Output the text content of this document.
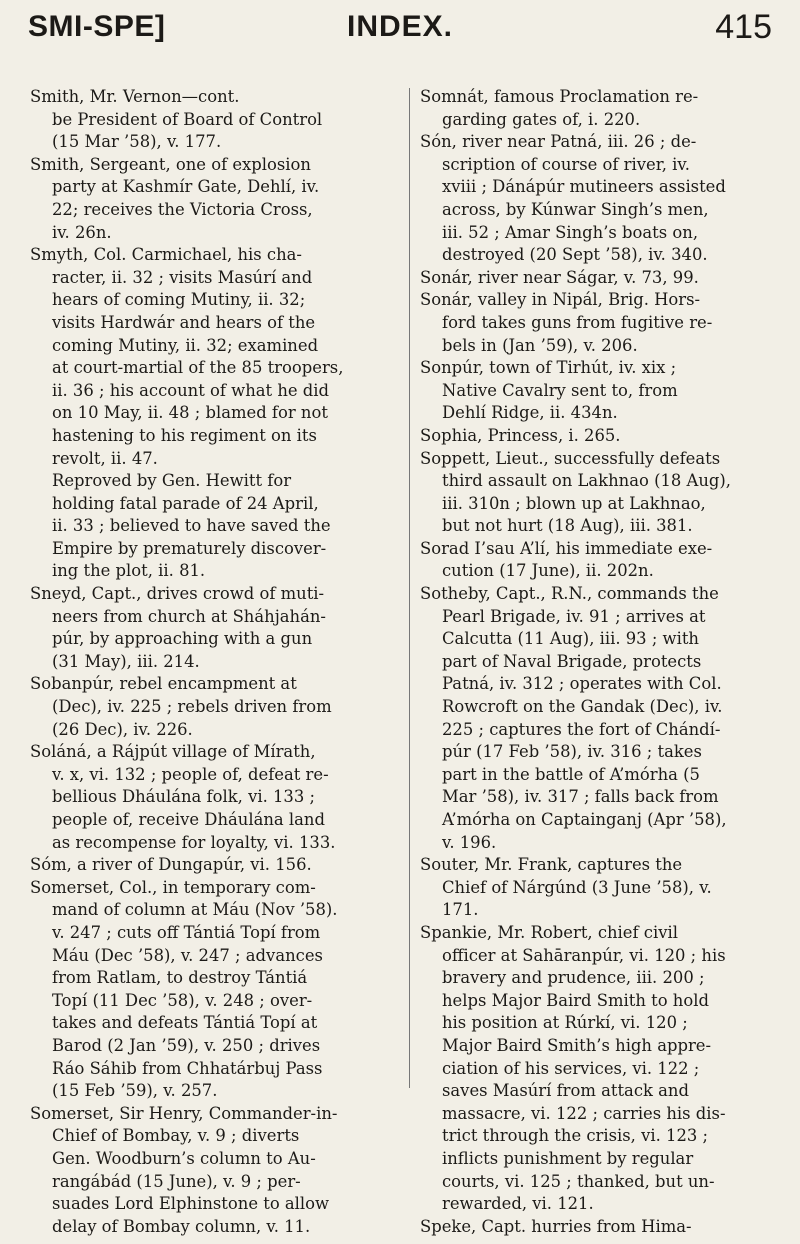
SMI-SPE]	INDEX.	415
Smith, Mr. Vernon—cont.
be President of Board of Control
(15 Mar ’58), v. 177.
Smith, Sergeant, one of explosion
party at Kashmír Gate, Dehlí, iv.
22; receives the Victoria Cross,
iv. 26n.
Smyth, Col. Carmichael, his cha-
racter, ii. 32 ; visits Masúrí and
hears of coming Mutiny, ii. 32;
visits Hardwár and hears of the
coming Mutiny, ii. 32; examined
at court-martial of the 85 troopers,
ii. 36 ; his account of what he did
on 10 May, ii. 48 ; blamed for not
hastening to his regiment on its
revolt, ii. 47.
Reproved by Gen. Hewitt for
holding fatal parade of 24 April,
ii. 33 ; believed to have saved the
Empire by prematurely discover-
ing the plot, ii. 81.
Sneyd, Capt., drives crowd of muti-
neers from church at Sháhjahán-
púr, by approaching with a gun
(31 May), iii. 214.
Sobanpúr, rebel encampment at
(Dec), iv. 225 ; rebels driven from
(26 Dec), iv. 226.
Soláná, a Rájpút village of Mírath,
v. x, vi. 132 ; people of, defeat re-
bellious Dháulána folk, vi. 133 ;
people of, receive Dháulána land
as recompense for loyalty, vi. 133.
Sóm, a river of Dungapúr, vi. 156.
Somerset, Col., in temporary com-
mand of column at Máu (Nov ’58).
v. 247 ; cuts off Tántiá Topí from
Máu (Dec ’58), v. 247 ; advances
from Ratlam, to destroy Tántiá
Topí (11 Dec ’58), v. 248 ; over-
takes and defeats Tántiá Topí at
Barod (2 Jan ’59), v. 250 ; drives
Ráo Sáhib from Chhatárbuj Pass
(15 Feb ’59), v. 257.
Somerset, Sir Henry, Commander-in-
Chief of Bombay, v. 9 ; diverts
Gen. Woodburn’s column to Au-
rangábád (15 June), v. 9 ; per-
suades Lord Elphinstone to allow
delay of Bombay column, v. 11.
Somnát, famous Proclamation re-
garding gates of, i. 220.
Són, river near Patná, iii. 26 ; de-
scription of course of river, iv.
xviii ; Dánápúr mutineers assisted
across, by Kúnwar Singh’s men,
iii. 52 ; Amar Singh’s boats on,
destroyed (20 Sept ’58), iv. 340.
Sonár, river near Ságar, v. 73, 99.
Sonár, valley in Nipál, Brig. Hors-
ford takes guns from fugitive re-
bels in (Jan ’59), v. 206.
Sonpúr, town of Tirhút, iv. xix ;
Native Cavalry sent to, from
Dehlí Ridge, ii. 434n.
Sophia, Princess, i. 265.
Soppett, Lieut., successfully defeats
third assault on Lakhnao (18 Aug),
iii. 310n ; blown up at Lakhnao,
but not hurt (18 Aug), iii. 381.
Sorad I’sau A’lí, his immediate exe-
cution (17 June), ii. 202n.
Sotheby, Capt., R.N., commands the
Pearl Brigade, iv. 91 ; arrives at
Calcutta (11 Aug), iii. 93 ; with
part of Naval Brigade, protects
Patná, iv. 312 ; operates with Col.
Rowcroft on the Gandak (Dec), iv.
225 ; captures the fort of Chándí-
púr (17 Feb ’58), iv. 316 ; takes
part in the battle of A’mórha (5
Mar ’58), iv. 317 ; falls back from
A’mórha on Captainganj (Apr ’58),
v. 196.
Souter, Mr. Frank, captures the
Chief of Nárgúnd (3 June ’58), v.
171.
Spankie, Mr. Robert, chief civil
officer at Sahāranpúr, vi. 120 ; his
bravery and prudence, iii. 200 ;
helps Major Baird Smith to hold
his position at Rúrkí, vi. 120 ;
Major Baird Smith’s high appre-
ciation of his services, vi. 122 ;
saves Masúrí from attack and
massacre, vi. 122 ; carries his dis-
trict through the crisis, vi. 123 ;
inflicts punishment by regular
courts, vi. 125 ; thanked, but un-
rewarded, vi. 121.
Speke, Capt. hurries from Hima-
